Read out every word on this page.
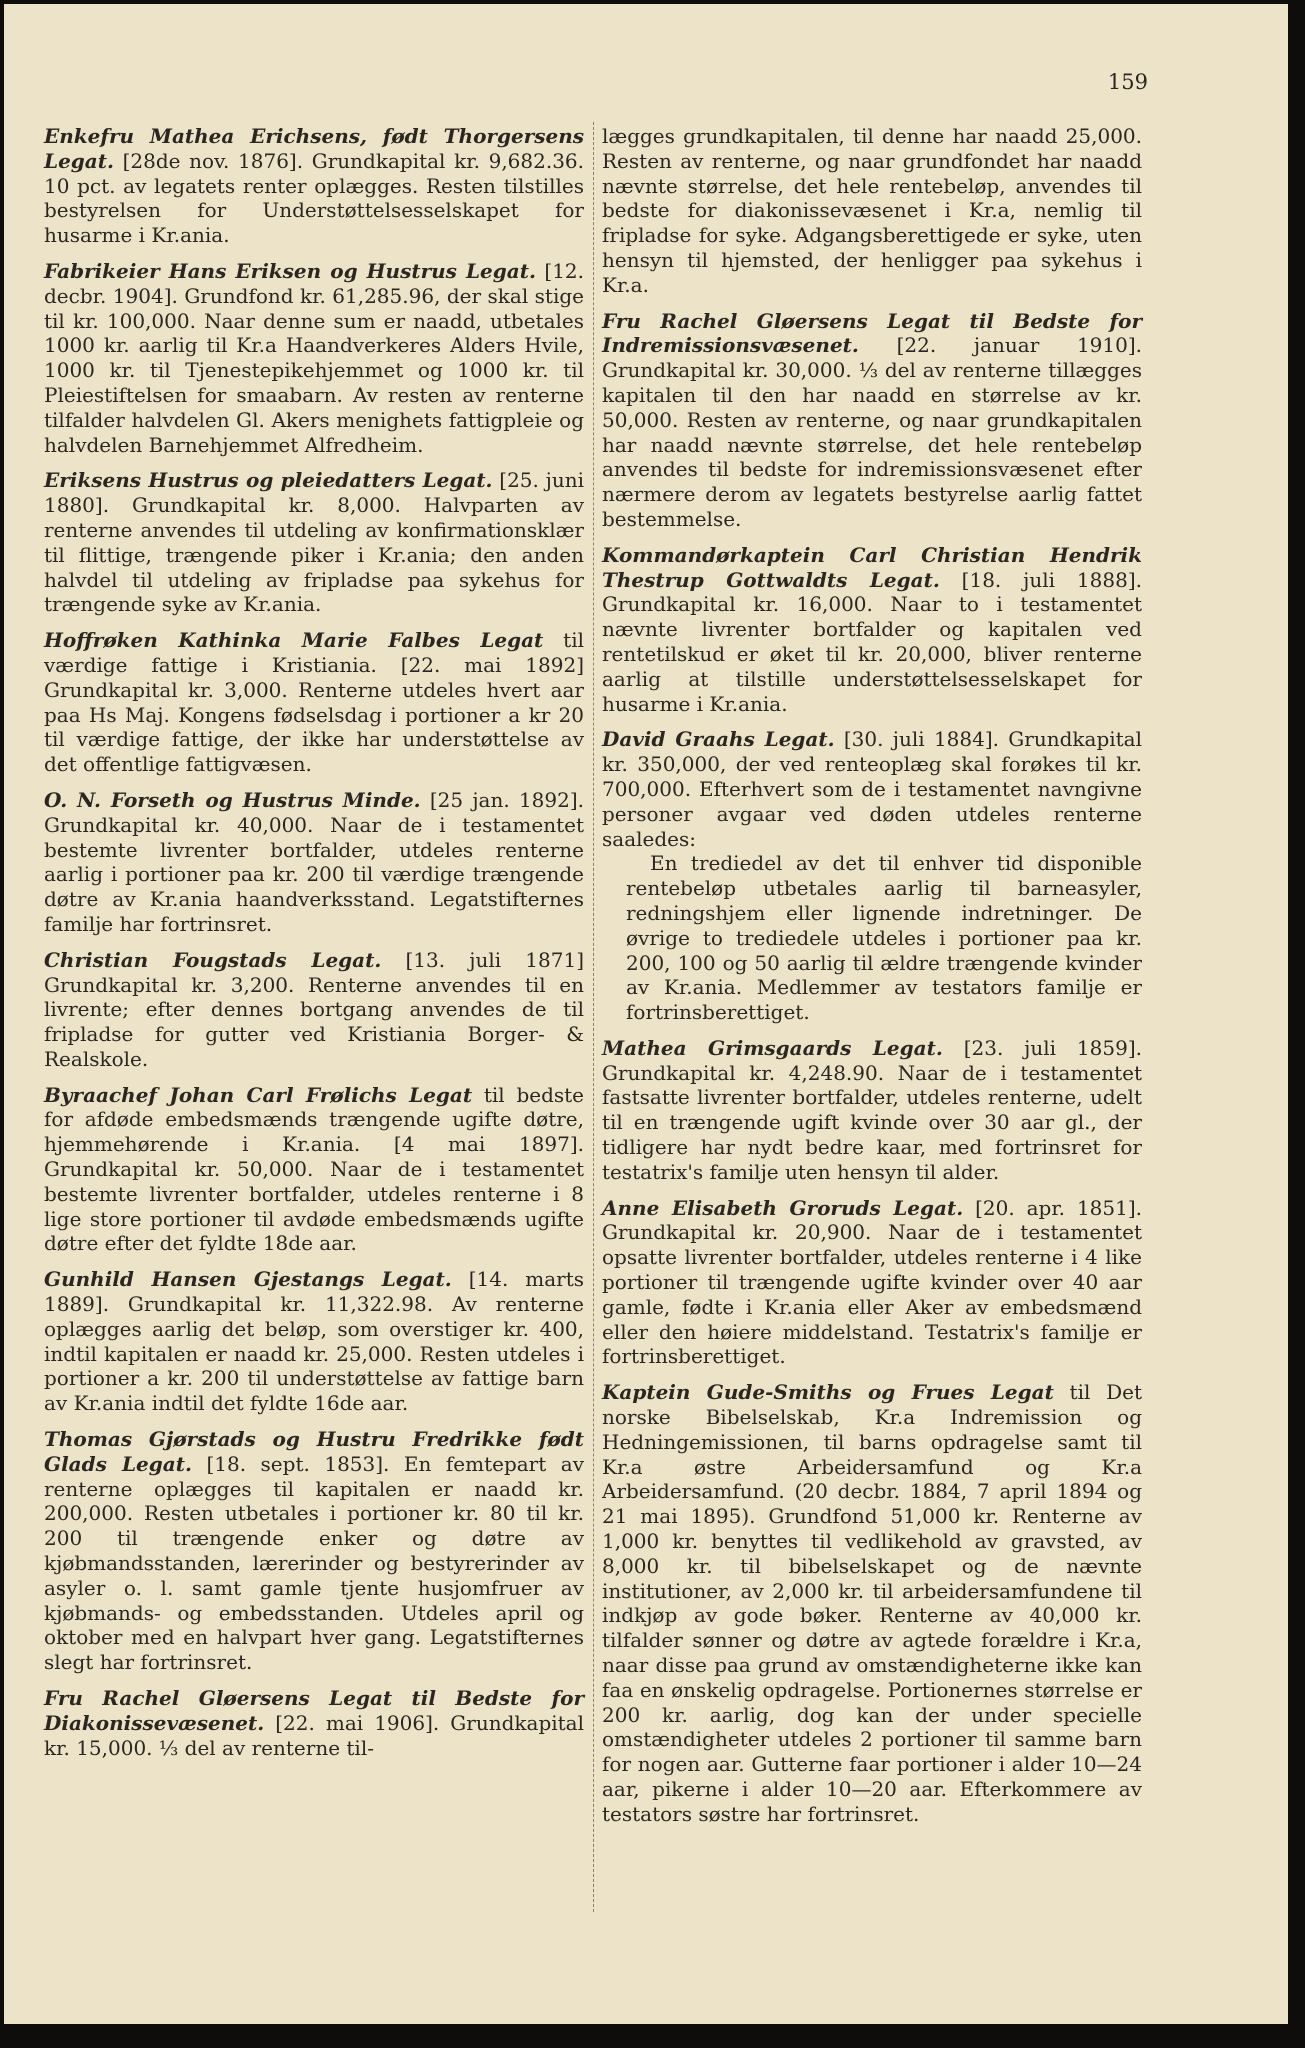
159

Enkefru Mathea Erichsens, født Thorgersens Legat. [28de nov. 1876]. Grundkapital kr. 9,682.36. 10 pct. av legatets renter oplægges. Resten tilstilles bestyrelsen for Understøttelsesselskapet for husarme i Kr.ania.

Fabrikeier Hans Eriksen og Hustrus Legat. [12. decbr. 1904]. Grundfond kr. 61,285.96, der skal stige til kr. 100,000. Naar denne sum er naadd, utbetales 1000 kr. aarlig til Kr.a Haandverkeres Alders Hvile, 1000 kr. til Tjenestepikehjemmet og 1000 kr. til Pleiestiftelsen for smaabarn. Av resten av renterne tilfalder halvdelen Gl. Akers menighets fattigpleie og halvdelen Barnehjemmet Alfredheim.

Eriksens Hustrus og pleiedatters Legat. [25. juni 1880]. Grundkapital kr. 8,000. Halvparten av renterne anvendes til utdeling av konfirmationsklær til flittige, trængende piker i Kr.ania; den anden halvdel til utdeling av fripladse paa sykehus for trængende syke av Kr.ania.

Hoffrøken Kathinka Marie Falbes Legat til værdige fattige i Kristiania. [22. mai 1892] Grundkapital kr. 3,000. Renterne utdeles hvert aar paa Hs Maj. Kongens fødselsdag i portioner a kr 20 til værdige fattige, der ikke har understøttelse av det offentlige fattigvæsen.

O. N. Forseth og Hustrus Minde. [25 jan. 1892]. Grundkapital kr. 40,000. Naar de i testamentet bestemte livrenter bortfalder, utdeles renterne aarlig i portioner paa kr. 200 til værdige trængende døtre av Kr.ania haandverksstand. Legatstifternes familje har fortrinsret.

Christian Fougstads Legat. [13. juli 1871] Grundkapital kr. 3,200. Renterne anvendes til en livrente; efter dennes bortgang anvendes de til fripladse for gutter ved Kristiania Borger- & Realskole.

Byraachef Johan Carl Frølichs Legat til bedste for afdøde embedsmænds trængende ugifte døtre, hjemmehørende i Kr.ania. [4 mai 1897]. Grundkapital kr. 50,000. Naar de i testamentet bestemte livrenter bortfalder, utdeles renterne i 8 lige store portioner til avdøde embedsmænds ugifte døtre efter det fyldte 18de aar.

Gunhild Hansen Gjestangs Legat. [14. marts 1889]. Grundkapital kr. 11,322.98. Av renterne oplægges aarlig det beløp, som overstiger kr. 400, indtil kapitalen er naadd kr. 25,000. Resten utdeles i portioner a kr. 200 til understøttelse av fattige barn av Kr.ania indtil det fyldte 16de aar.

Thomas Gjørstads og Hustru Fredrikke født Glads Legat. [18. sept. 1853]. En femtepart av renterne oplægges til kapitalen er naadd kr. 200,000. Resten utbetales i portioner kr. 80 til kr. 200 til trængende enker og døtre av kjøbmandsstanden, lærerinder og bestyrerinder av asyler o. l. samt gamle tjente husjomfruer av kjøbmands- og embedsstanden. Utdeles april og oktober med en halvpart hver gang. Legatstifternes slegt har fortrinsret.

Fru Rachel Gløersens Legat til Bedste for Diakonissevæsenet. [22. mai 1906]. Grundkapital kr. 15,000. ⅓ del av renterne til-

lægges grundkapitalen, til denne har naadd 25,000. Resten av renterne, og naar grundfondet har naadd nævnte størrelse, det hele rentebeløp, anvendes til bedste for diakonissevæsenet i Kr.a, nemlig til fripladse for syke. Adgangsberettigede er syke, uten hensyn til hjemsted, der henligger paa sykehus i Kr.a.

Fru Rachel Gløersens Legat til Bedste for Indremissionsvæsenet. [22. januar 1910]. Grundkapital kr. 30,000. ⅓ del av renterne tillægges kapitalen til den har naadd en størrelse av kr. 50,000. Resten av renterne, og naar grundkapitalen har naadd nævnte størrelse, det hele rentebeløp anvendes til bedste for indremissionsvæsenet efter nærmere derom av legatets bestyrelse aarlig fattet bestemmelse.

Kommandørkaptein Carl Christian Hendrik Thestrup Gottwaldts Legat. [18. juli 1888]. Grundkapital kr. 16,000. Naar to i testamentet nævnte livrenter bortfalder og kapitalen ved rentetilskud er øket til kr. 20,000, bliver renterne aarlig at tilstille understøttelsesselskapet for husarme i Kr.ania.

David Graahs Legat. [30. juli 1884]. Grundkapital kr. 350,000, der ved renteoplæg skal forøkes til kr. 700,000. Efterhvert som de i testamentet navngivne personer avgaar ved døden utdeles renterne saaledes:

En trediedel av det til enhver tid disponible rentebeløp utbetales aarlig til barneasyler, redningshjem eller lignende indretninger. De øvrige to trediedele utdeles i portioner paa kr. 200, 100 og 50 aarlig til ældre trængende kvinder av Kr.ania. Medlemmer av testators familje er fortrinsberettiget.

Mathea Grimsgaards Legat. [23. juli 1859]. Grundkapital kr. 4,248.90. Naar de i testamentet fastsatte livrenter bortfalder, utdeles renterne, udelt til en trængende ugift kvinde over 30 aar gl., der tidligere har nydt bedre kaar, med fortrinsret for testatrix's familje uten hensyn til alder.

Anne Elisabeth Groruds Legat. [20. apr. 1851]. Grundkapital kr. 20,900. Naar de i testamentet opsatte livrenter bortfalder, utdeles renterne i 4 like portioner til trængende ugifte kvinder over 40 aar gamle, fødte i Kr.ania eller Aker av embedsmænd eller den høiere middelstand. Testatrix's familje er fortrinsberettiget.

Kaptein Gude-Smiths og Frues Legat til Det norske Bibelselskab, Kr.a Indremission og Hedningemissionen, til barns opdragelse samt til Kr.a østre Arbeidersamfund og Kr.a Arbeidersamfund. (20 decbr. 1884, 7 april 1894 og 21 mai 1895). Grundfond 51,000 kr. Renterne av 1,000 kr. benyttes til vedlikehold av gravsted, av 8,000 kr. til bibelselskapet og de nævnte institutioner, av 2,000 kr. til arbeidersamfundene til indkjøp av gode bøker. Renterne av 40,000 kr. tilfalder sønner og døtre av agtede forældre i Kr.a, naar disse paa grund av omstændigheterne ikke kan faa en ønskelig opdragelse. Portionernes størrelse er 200 kr. aarlig, dog kan der under specielle omstændigheter utdeles 2 portioner til samme barn for nogen aar. Gutterne faar portioner i alder 10—24 aar, pikerne i alder 10—20 aar. Efterkommere av testators søstre har fortrinsret.
